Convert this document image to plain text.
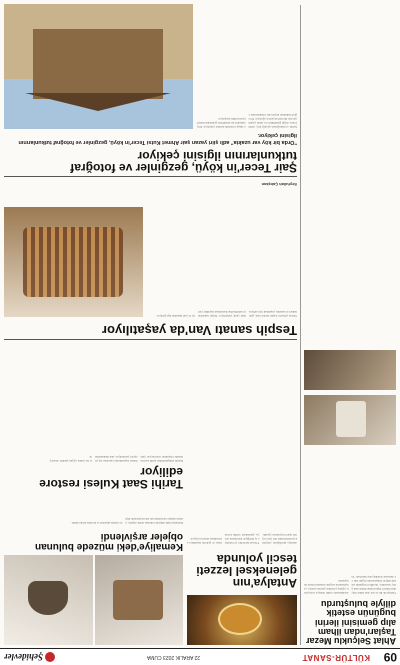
09
KÜLTÜR-SANAT
22 ARALIK 2023 CUMA
Şehidevler
Ahlat Selçuklu Mezar Taşları'ndan ilham alıp gemisini ilerini bugünün estetik diliyle buluşturdu
Türkiye'de ilk ve tek olan Ahlat Selçuklu Mezar Taşları'ndan ilham alan genç tasarımcı, motifleri bugünün estetik diliyle buluşturarak özgün takı ve aksesuar koleksiyonu hazırladı. Tasarımlarında tarihi dokuyu koruyarak çağdaş yorumlar getiren sanatçı, çalışmalarını sergide sanatseverlerle buluşturdu.
Antalya'nın geleneksel lezzeti tescil yolunda
Antalya mutfağının yüzyıllık lezzetlerinden biri için coğrafi işaret başvurusu yapıldı. Yöresel üreticiler ve belediye iş birliğiyle hazırlanan dosya, geleneksel tarifin korunması ve gelecek kuşaklara aktarılması amacını taşıyor.
Kemaliye'deki müzede bulunan objeler arşivlendi
Kemaliye'deki müzede bulunan tarihi objeler, uzman ekipler tarafından tek tek incelenerek dijital ortama aktarıldı ve koruma altına alındı.
Tespih sanatı Van'da yaşatılıyor
Van'da yıllardır tespih üreten usta, geleneksel el sanatını yaşatmak için atölyesinde çırak yetiştiriyor. Doğal taşlardan ve kehribardan hazırlanan tespihler yurt içi ve yurt dışından ilgi görüyor.
Seyfullah Çalışkan
Tarihi Saat Kulesi restore ediliyor
Kentin simgelerinden tarihi saat kulesinde başlatılan restorasyon çalışmaları kapsamında yıpranan taş yüzeyler yenileniyor, saat mekanizması ise aslına uygun şekilde onarılıyor.
Şair Tecer'in köyü, gezginler ve fotoğraf tutkunlarının ilgisini çekiyor
"Orda bir köy var uzakta" adlı şiiri yazan şair Ahmet Kutsi Tecer'in köyü, gezginler ve fotoğraf tutkunlarının ilgisini çekiyor.
Şairin çocukluğunun geçtiği köy, tarihi evleri, doğal güzellikleri ve sakin yaşamıyla her mevsim ziyaretçi ağırlıyor. Fotoğraf tutkunları köyün dar sokaklarında ve ahşap evlerinde kareler yakalıyor. Köy sakinleri ise misafirleri geleneksel misafirperverlikle karşılıyor.
